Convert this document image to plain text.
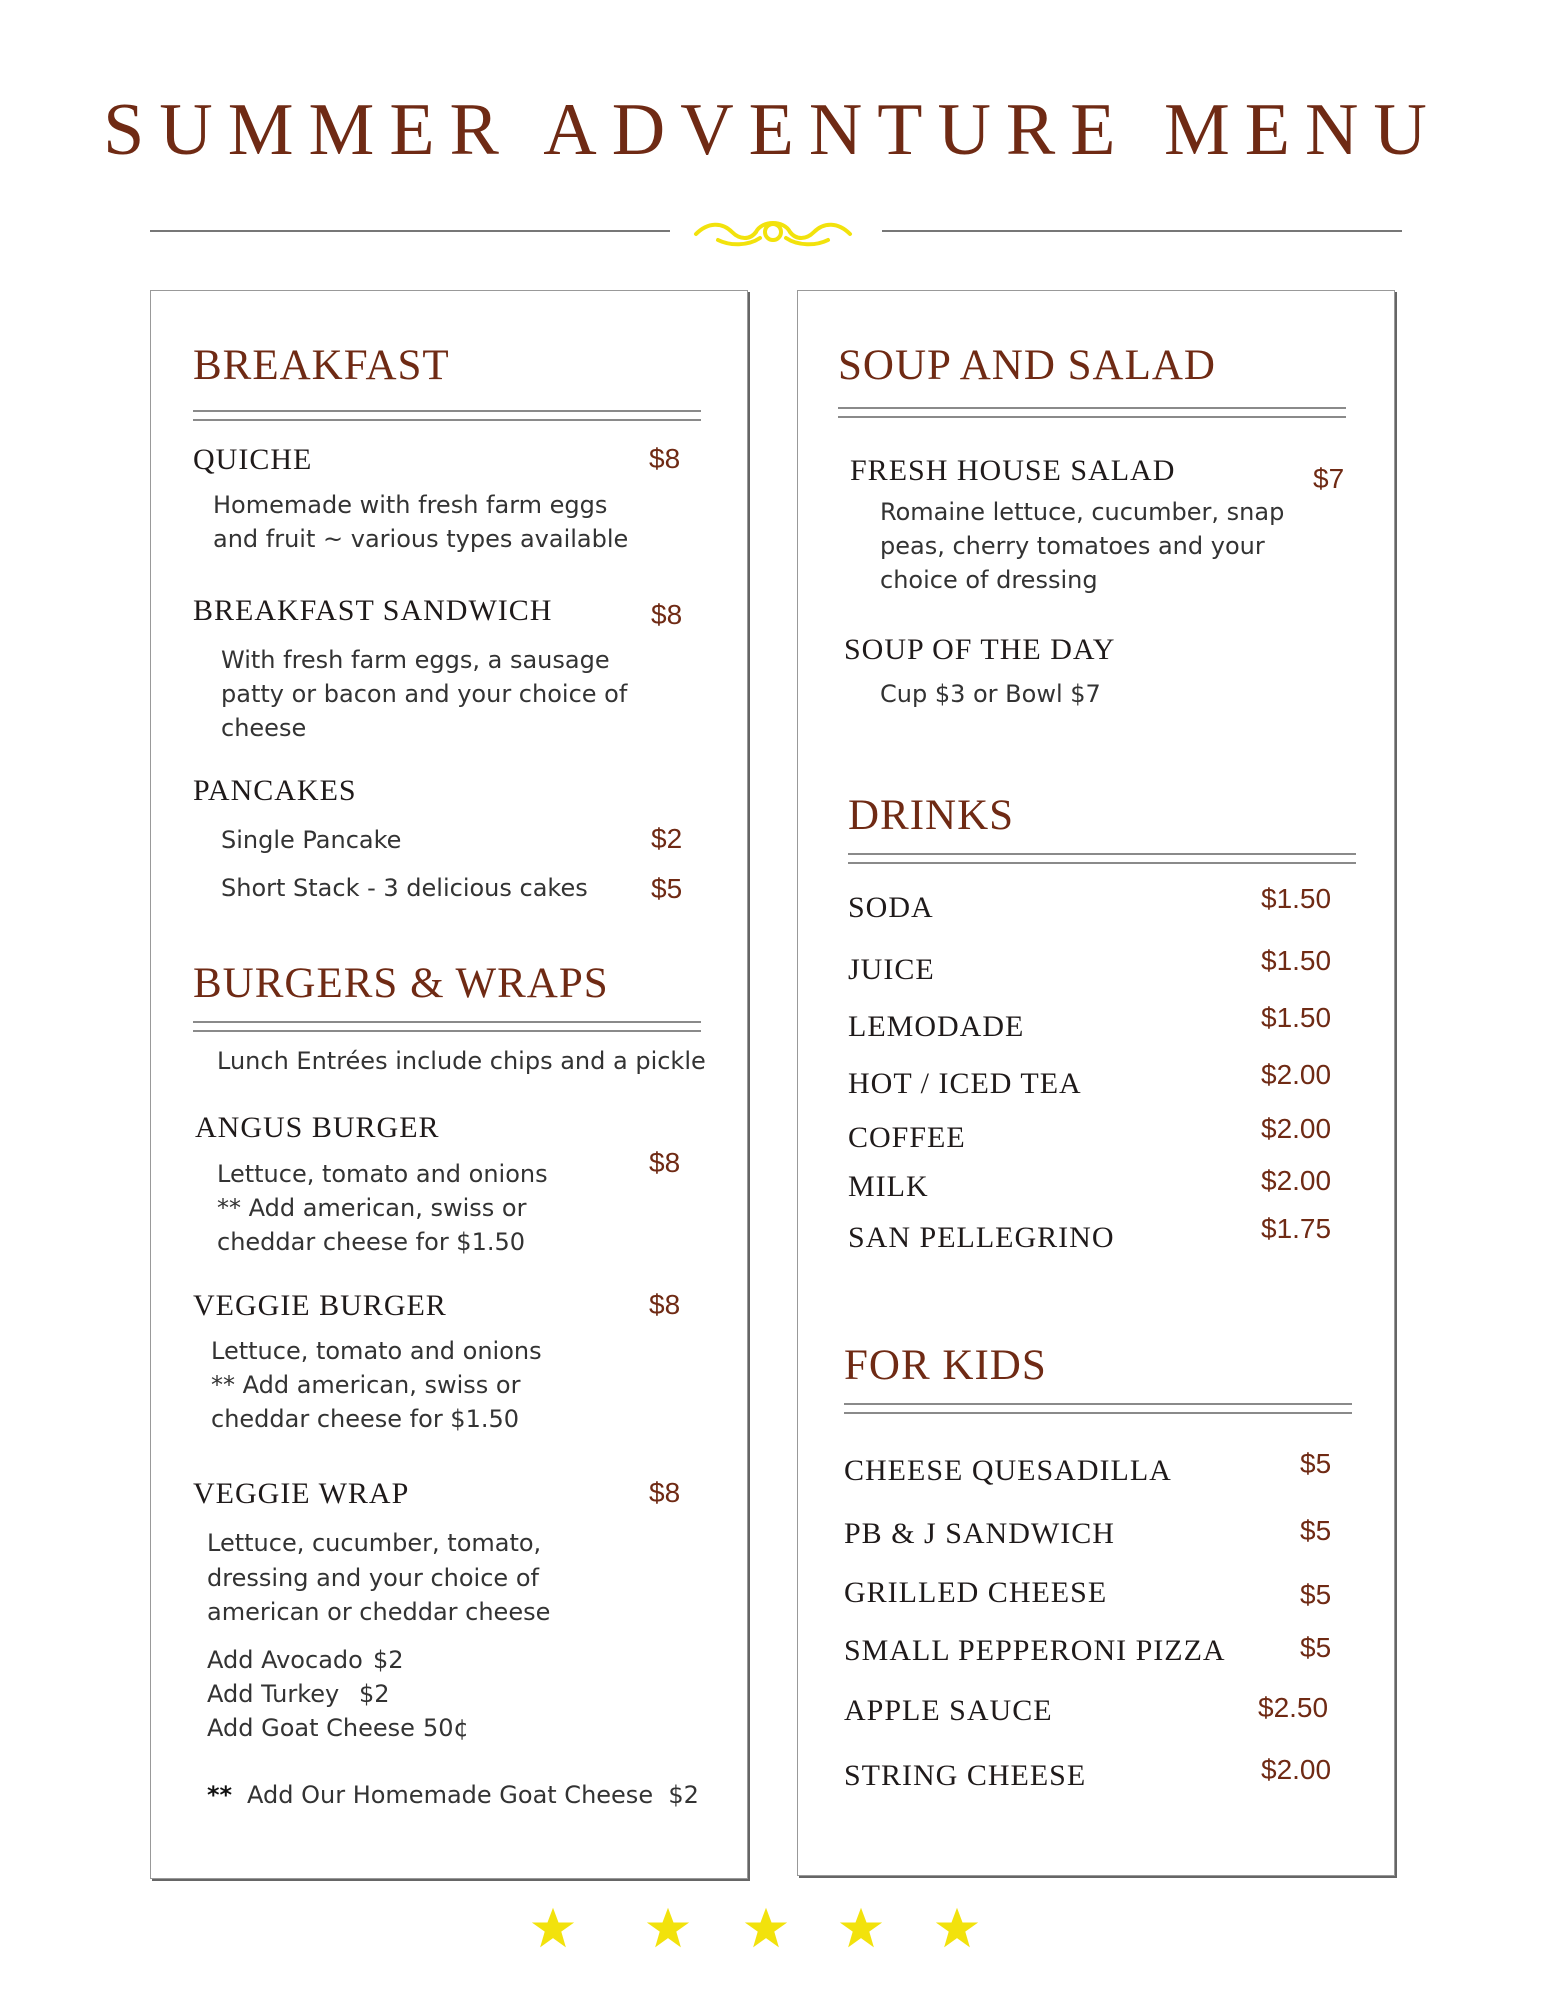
SUMMER ADVENTURE MENU
BREAKFAST
QUICHE	$8
Homemade with fresh farm eggs
and fruit ~ various types available
BREAKFAST SANDWICH	$8
With fresh farm eggs, a sausage
patty or bacon and your choice of
cheese
PANCAKES
Single Pancake	$2
Short Stack - 3 delicious cakes $5
BURGERS & WRAPS
Lunch Entrées include chips and a pickle
ANGUS BURGER
$8
Lettuce, tomato and onions
** Add american, swiss or
cheddar cheese for $1.50
VEGGIE BURGER	$8
Lettuce, tomato and onions
** Add american, swiss or
cheddar cheese for $1.50
VEGGIE WRAP	$8
Lettuce, cucumber, tomato,
dressing and your choice of
american or cheddar cheese
Add Avocado $2
Add Turkey $2
Add Goat Cheese 50¢
** Add Our Homemade Goat Cheese  $2
SOUP AND SALAD
FRESH HOUSE SALAD	$7
Romaine lettuce, cucumber, snap
peas, cherry tomatoes and your
choice of dressing
SOUP OF THE DAY
Cup $3 or Bowl $7
DRINKS
SODA	$1.50
JUICE	$1.50
LEMODADE	$1.50
HOT / ICED TEA	$2.00
COFFEE	$2.00
MILK	$2.00
SAN PELLEGRINO	$1.75
FOR KIDS
CHEESE QUESADILLA	$5
PB & J SANDWICH	$5
GRILLED CHEESE	$5
SMALL PEPPERONI PIZZA	$5
APPLE SAUCE	$2.50
STRING CHEESE	$2.00
